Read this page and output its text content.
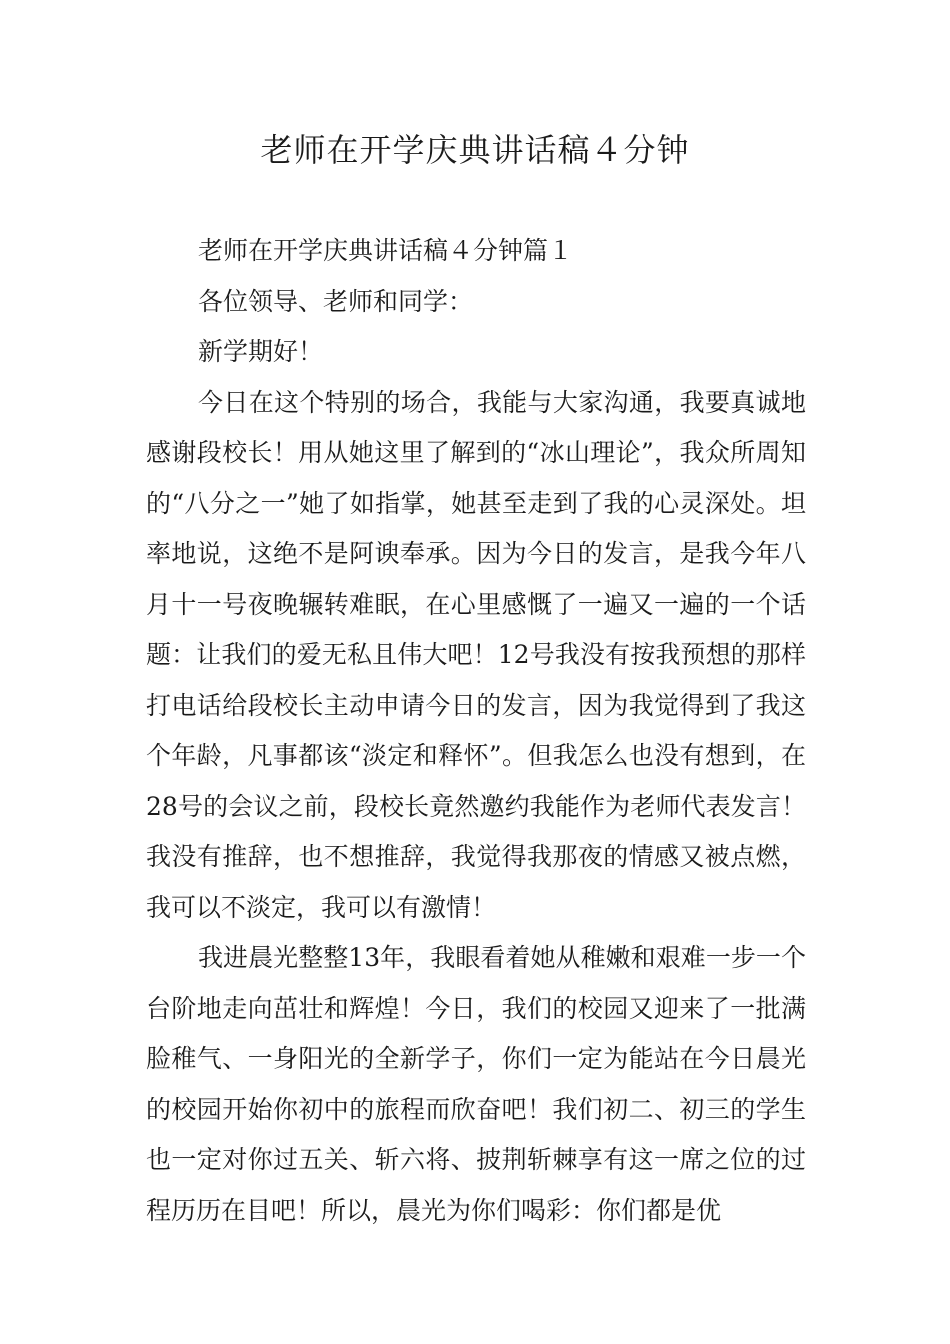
老师在开学庆典讲话稿４分钟

老师在开学庆典讲话稿４分钟篇１

各位领导、老师和同学：

新学期好！

今日在这个特别的场合，我能与大家沟通，我要真诚地感谢段校长！用从她这里了解到的“冰山理论”，我众所周知的“八分之一”她了如指掌，她甚至走到了我的心灵深处。坦率地说，这绝不是阿谀奉承。因为今日的发言，是我今年八月十一号夜晚辗转难眠，在心里感慨了一遍又一遍的一个话题：让我们的爱无私且伟大吧！12号我没有按我预想的那样打电话给段校长主动申请今日的发言，因为我觉得到了我这个年龄，凡事都该“淡定和释怀”。但我怎么也没有想到，在28号的会议之前，段校长竟然邀约我能作为老师代表发言！我没有推辞，也不想推辞，我觉得我那夜的情感又被点燃，我可以不淡定，我可以有激情！

我进晨光整整13年，我眼看着她从稚嫩和艰难一步一个台阶地走向茁壮和辉煌！今日，我们的校园又迎来了一批满脸稚气、一身阳光的全新学子，你们一定为能站在今日晨光的校园开始你初中的旅程而欣奋吧！我们初二、初三的学生也一定对你过五关、斩六将、披荆斩棘享有这一席之位的过程历历在目吧！所以，晨光为你们喝彩：你们都是优
